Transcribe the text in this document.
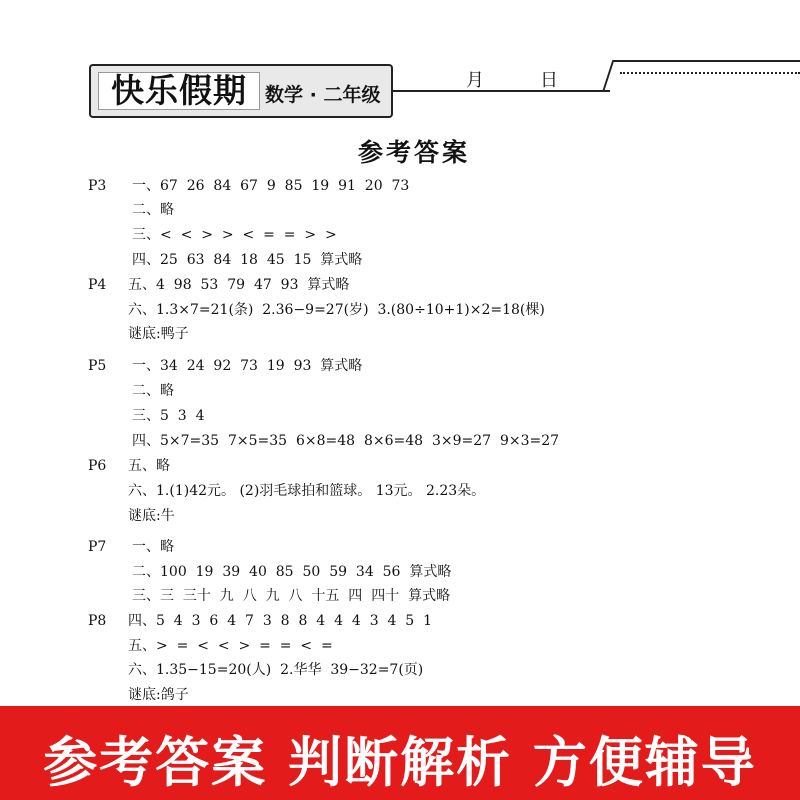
快乐假期 数学 · 二年级
月	日
参考答案
P3 一、67  26  84  67  9  85  19  91  20  73
二、略
三、<  <  >  >  <  =  =  >  >
四、25  63  84  18  45  15  算式略
P4 五、4  98  53  79  47  93  算式略
六、1.3×7=21(条)  2.36−9=27(岁)  3.(80÷10+1)×2=18(棵)
谜底:鸭子
P5 一、34  24  92  73  19  93  算式略
二、略
三、5  3  4
四、5×7=35  7×5=35  6×8=48  8×6=48  3×9=27  9×3=27
P6 五、略
六、1.(1)42元。 (2)羽毛球拍和篮球。 13元。 2.23朵。
谜底:牛
P7 一、略
二、100  19  39  40  85  50  59  34  56  算式略
三、三  三十  九  八  九  八  十五  四  四十  算式略
P8 四、5  4  3  6  4  7  3  8  8  4  4  4  3  4  5  1
五、>  =  <  <  >  =  =  <  =
六、1.35−15=20(人)  2.华华  39−32=7(页)
谜底:鸽子
参考答案 判断解析 方便辅导
